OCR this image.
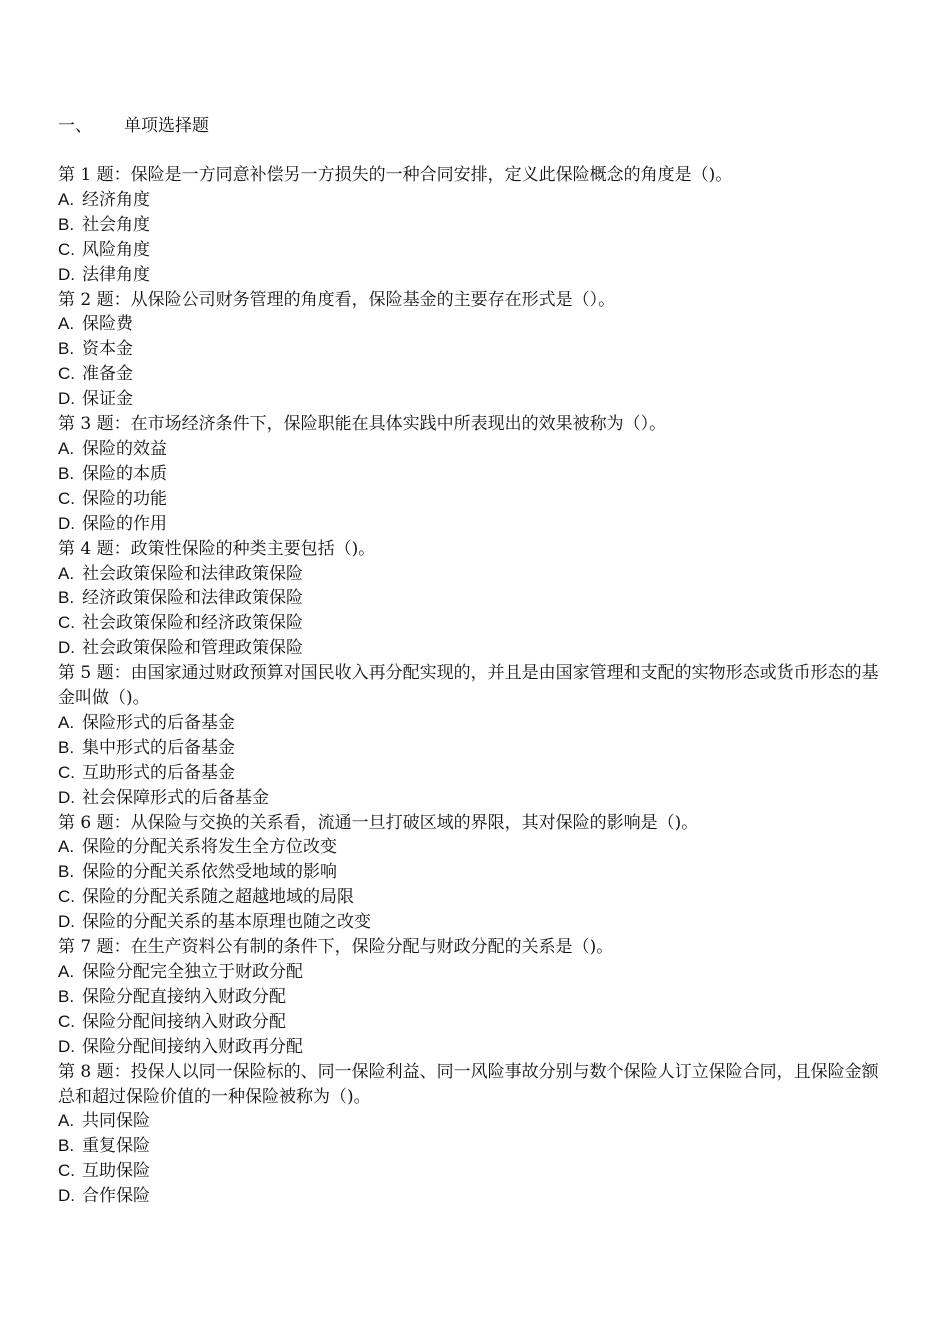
一、 单项选择题
第 1 题：保险是一方同意补偿另一方损失的一种合同安排，定义此保险概念的角度是（)。
A. 经济角度
B. 社会角度
C. 风险角度
D. 法律角度
第 2 题：从保险公司财务管理的角度看，保险基金的主要存在形式是（）。
A. 保险费
B. 资本金
C. 准备金
D. 保证金
第 3 题：在市场经济条件下，保险职能在具体实践中所表现出的效果被称为（）。
A. 保险的效益
B. 保险的本质
C. 保险的功能
D. 保险的作用
第 4 题：政策性保险的种类主要包括（)。
A. 社会政策保险和法律政策保险
B. 经济政策保险和法律政策保险
C. 社会政策保险和经济政策保险
D. 社会政策保险和管理政策保险
第 5 题：由国家通过财政预算对国民收入再分配实现的，并且是由国家管理和支配的实物形态或货币形态的基金叫做（)。
A. 保险形式的后备基金
B. 集中形式的后备基金
C. 互助形式的后备基金
D. 社会保障形式的后备基金
第 6 题：从保险与交换的关系看，流通一旦打破区域的界限，其对保险的影响是（)。
A. 保险的分配关系将发生全方位改变
B. 保险的分配关系依然受地域的影响
C. 保险的分配关系随之超越地域的局限
D. 保险的分配关系的基本原理也随之改变
第 7 题：在生产资料公有制的条件下，保险分配与财政分配的关系是（)。
A. 保险分配完全独立于财政分配
B. 保险分配直接纳入财政分配
C. 保险分配间接纳入财政分配
D. 保险分配间接纳入财政再分配
第 8 题：投保人以同一保险标的、同一保险利益、同一风险事故分别与数个保险人订立保险合同，且保险金额总和超过保险价值的一种保险被称为（)。
A. 共同保险
B. 重复保险
C. 互助保险
D. 合作保险
